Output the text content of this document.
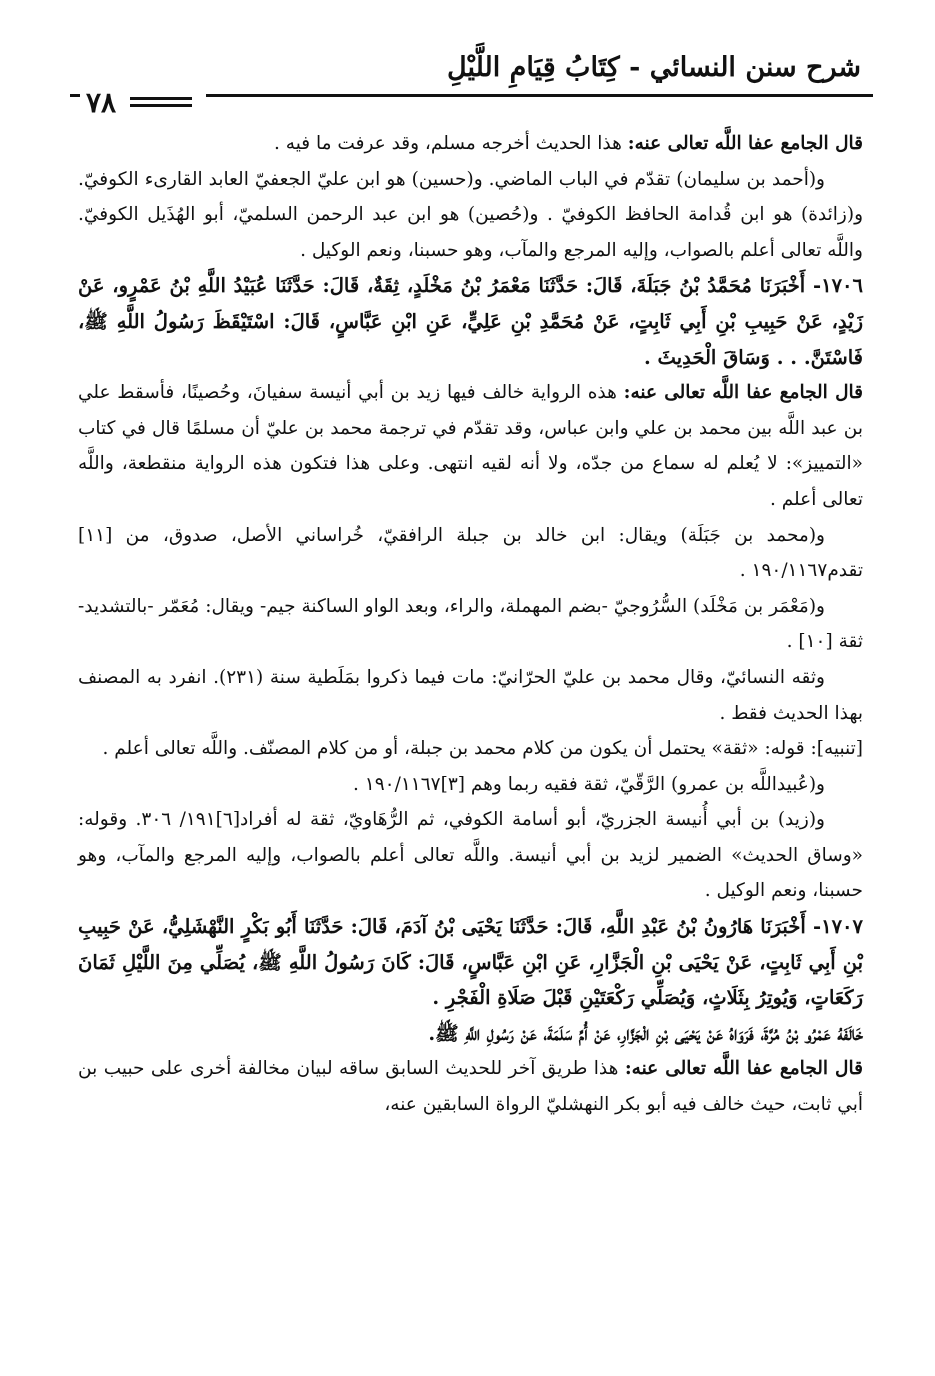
شرح سنن النسائي - كِتَابُ قِيَامِ اللَّيْلِ
٧٨

قال الجامع عفا اللَّه تعالى عنه: هذا الحديث أخرجه مسلم، وقد عرفت ما فيه .

و(أحمد بن سليمان) تقدّم في الباب الماضي. و(حسين) هو ابن عليّ الجعفيّ العابد القارىء الكوفيّ. و(زائدة) هو ابن قُدامة الحافظ الكوفيّ . و(حُصين) هو ابن عبد الرحمن السلميّ، أبو الهُذَيل الكوفيّ. واللَّه تعالى أعلم بالصواب، وإليه المرجع والمآب، وهو حسبنا، ونعم الوكيل .

١٧٠٦- أَخْبَرَنَا مُحَمَّدُ بْنُ جَبَلَةَ، قَالَ: حَدَّثَنَا مَعْمَرُ بْنُ مَخْلَدٍ، ثِقَةٌ، قَالَ: حَدَّثَنَا عُبَيْدُ اللَّهِ بْنُ عَمْرٍو، عَنْ زَيْدٍ، عَنْ حَبِيبِ بْنِ أَبِي ثَابِتٍ، عَنْ مُحَمَّدِ بْنِ عَلِيٍّ، عَنِ ابْنِ عَبَّاسٍ، قَالَ: اسْتَيْقَظَ رَسُولُ اللَّهِ ﷺ، فَاسْتَنَّ. . . وَسَاقَ الْحَدِيثَ .

قال الجامع عفا اللَّه تعالى عنه: هذه الرواية خالف فيها زيد بن أبي أنيسة سفيانَ، وحُصينًا، فأسقط علي بن عبد اللَّه بين محمد بن علي وابن عباس، وقد تقدّم في ترجمة محمد بن عليّ أن مسلمًا قال في كتاب «التمييز»: لا يُعلم له سماع من جدّه، ولا أنه لقيه انتهى. وعلى هذا فتكون هذه الرواية منقطعة، واللَّه تعالى أعلم .

و(محمد بن جَبَلَة) ويقال: ابن خالد بن جبلة الرافقيّ، خُراساني الأصل، صدوق، من [١١] تقدم١٩٠/١١٦٧ .

و(مَعْمَر بن مَخْلَد) السُّرُوجيّ -بضم المهملة، والراء، وبعد الواو الساكنة جيم- ويقال: مُعَمّر -بالتشديد- ثقة [١٠] .

وثقه النسائيّ، وقال محمد بن عليّ الحرّانيّ: مات فيما ذكروا بمَلَطية سنة (٢٣١). انفرد به المصنف بهذا الحديث فقط .

[تنبيه]: قوله: «ثقة» يحتمل أن يكون من كلام محمد بن جبلة، أو من كلام المصنّف. واللَّه تعالى أعلم .

و(عُبيداللَّه بن عمرو) الرَّقّيّ، ثقة فقيه ربما وهم [٣]١٩٠/١١٦٧ .

و(زيد) بن أبي أُنيسة الجزريّ، أبو أسامة الكوفي، ثم الرُّهَاويّ، ثقة له أفراد[٦]١٩١/ ٣٠٦. وقوله: «وساق الحديث» الضمير لزيد بن أبي أنيسة. واللَّه تعالى أعلم بالصواب، وإليه المرجع والمآب، وهو حسبنا، ونعم الوكيل .

١٧٠٧- أَخْبَرَنَا هَارُونُ بْنُ عَبْدِ اللَّهِ، قَالَ: حَدَّثَنَا يَحْيَى بْنُ آدَمَ، قَالَ: حَدَّثَنَا أَبُو بَكْرٍ النَّهْشَلِيُّ، عَنْ حَبِيبِ بْنِ أَبِي ثَابِتٍ، عَنْ يَحْيَى بْنِ الْجَزَّارِ، عَنِ ابْنِ عَبَّاسٍ، قَالَ: كَانَ رَسُولُ اللَّهِ ﷺ، يُصَلِّي مِنَ اللَّيْلِ ثَمَانَ رَكَعَاتٍ، وَيُوتِرُ بِثَلَاثٍ، وَيُصَلِّي رَكْعَتَيْنِ قَبْلَ صَلَاةِ الْفَجْرِ .

خَالَفَهُ عَمْرُو بْنُ مُرَّةَ، فَرَوَاهُ عَنْ يَحْيَى بْنِ الْجَزَّارِ، عَنْ أُمِّ سَلَمَةَ، عَنْ رَسُولِ اللَّهِ ﷺ.

قال الجامع عفا اللَّه تعالى عنه: هذا طريق آخر للحديث السابق ساقه لبيان مخالفة أخرى على حبيب بن أبي ثابت، حيث خالف فيه أبو بكر النهشليّ الرواة السابقين عنه،
